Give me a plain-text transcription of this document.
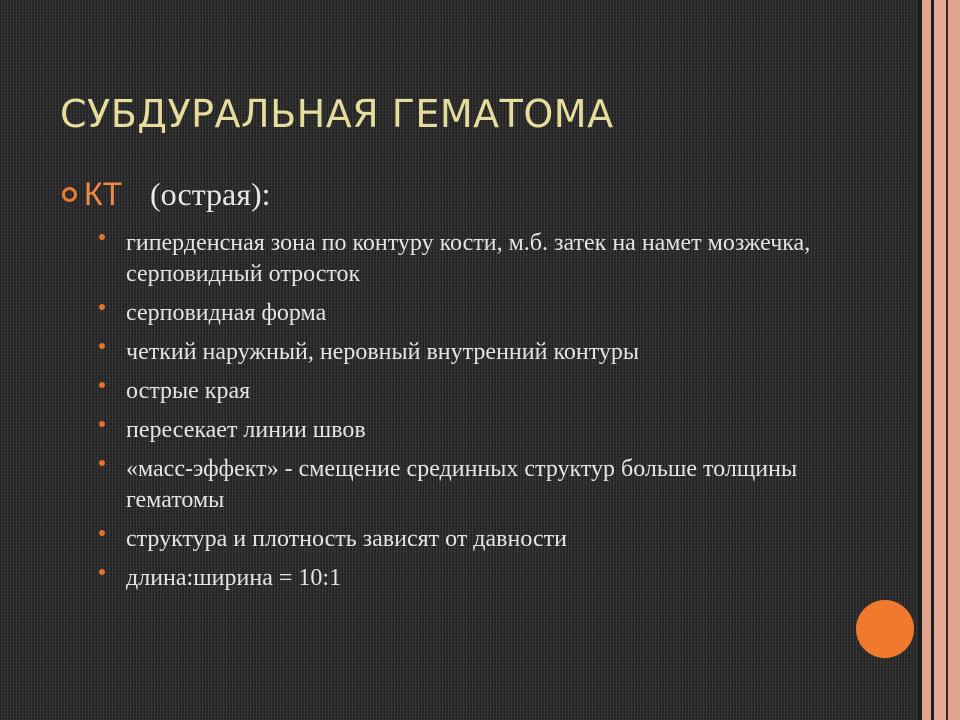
СУБДУРАЛЬНАЯ ГЕМАТОМА
КТ (острая):
гиперденсная зона по контуру кости, м.б. затек на намет мозжечка, серповидный отросток
серповидная форма
четкий наружный, неровный внутренний контуры
острые края
пересекает линии швов
«масс-эффект» - смещение срединных структур больше толщины гематомы
структура и плотность зависят от давности
длина:ширина = 10:1
